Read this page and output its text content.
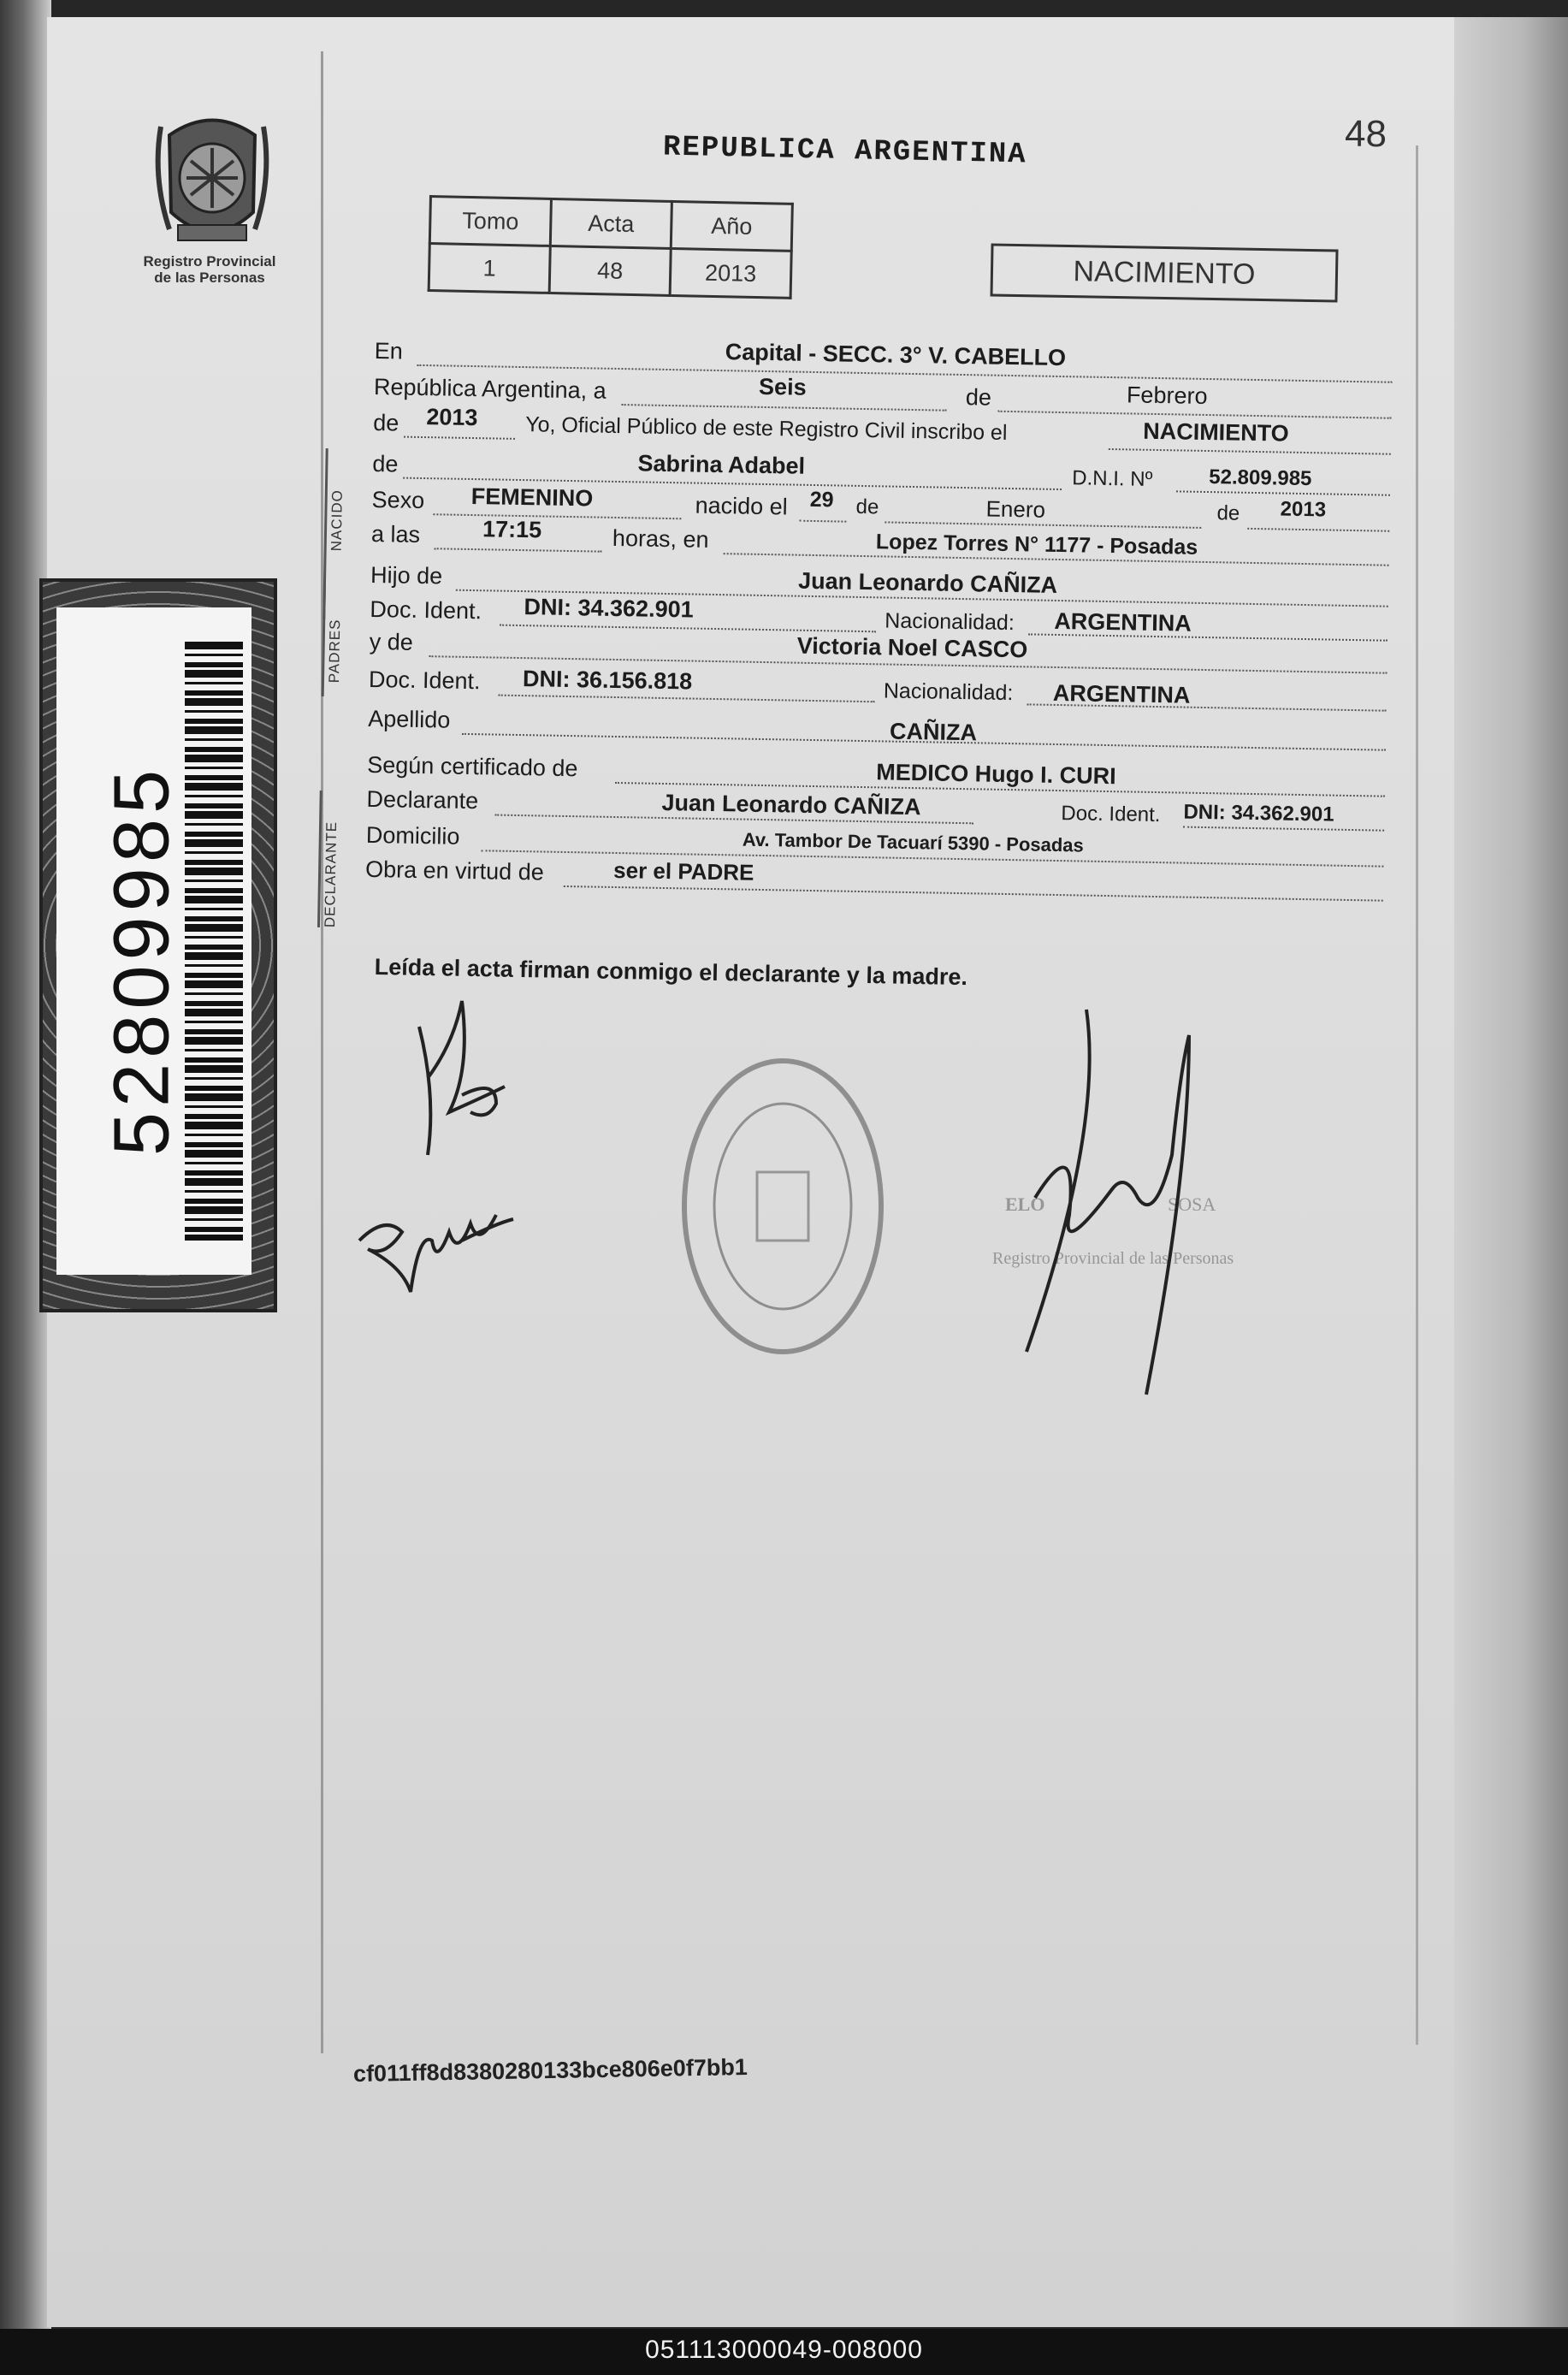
Registro Provincial
de las Personas
48
REPUBLICA ARGENTINA
Tomo	Acta	Año
1	48	2013	NACIMIENTO
NACIDO
PADRES
DECLARANTE
En	Capital - SECC. 3° V. CABELLO
República Argentina, a	Seis	de	Febrero
de 2013 Yo, Oficial Público de este Registro Civil inscribo el	NACIMIENTO
de	Sabrina Adabel	D.N.I. Nº	52.809.985
Sexo FEMENINO	nacido el 29 de	Enero	de 2013
a las	17:15	horas, en	Lopez Torres N° 1177 - Posadas
Hijo de	Juan Leonardo CAÑIZA
Doc. Ident. DNI: 34.362.901	Nacionalidad: ARGENTINA
y de	Victoria Noel CASCO
Doc. Ident. DNI: 36.156.818	Nacionalidad: ARGENTINA
Apellido	CAÑIZA
Según certificado de	MEDICO Hugo I. CURI
Declarante	Juan Leonardo CAÑIZA	Doc. Ident. DNI: 34.362.901
Domicilio	Av. Tambor De Tacuarí 5390 - Posadas
Obra en virtud de	ser el PADRE
Leída el acta firman conmigo el declarante y la madre.
ELO	SOSA
Registro Provincial de las Personas
52809985
cf011ff8d8380280133bce806e0f7bb1
051113000049-008000
